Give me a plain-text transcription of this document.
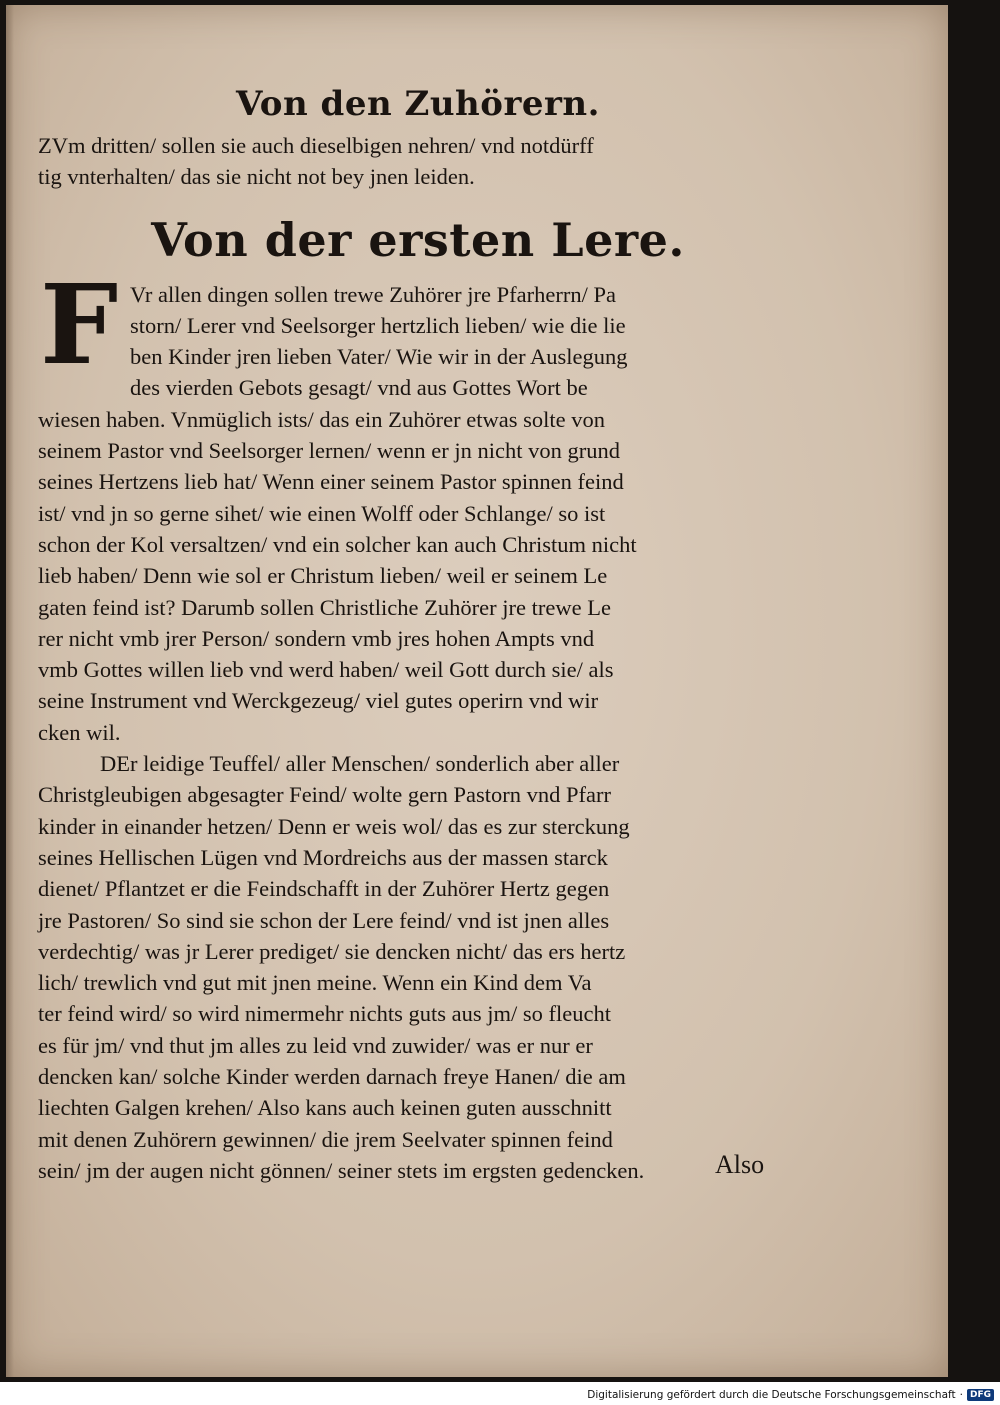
Von den Zuhörern.
ZVm dritten/ sollen sie auch dieselbigen nehren/ vnd notdürff
tig vnterhalten/ das sie nicht not bey jnen leiden.
Von der ersten Lere.
F Vr allen dingen sollen trewe Zuhörer jre Pfarherrn/ Pa
storn/ Lerer vnd Seelsorger hertzlich lieben/ wie die lie
ben Kinder jren lieben Vater/ Wie wir in der Auslegung
des vierden Gebots gesagt/ vnd aus Gottes Wort be
wiesen haben. Vnmüglich ists/ das ein Zuhörer etwas solte von
seinem Pastor vnd Seelsorger lernen/ wenn er jn nicht von grund
seines Hertzens lieb hat/ Wenn einer seinem Pastor spinnen feind
ist/ vnd jn so gerne sihet/ wie einen Wolff oder Schlange/ so ist
schon der Kol versaltzen/ vnd ein solcher kan auch Christum nicht
lieb haben/ Denn wie sol er Christum lieben/ weil er seinem Le
gaten feind ist? Darumb sollen Christliche Zuhörer jre trewe Le
rer nicht vmb jrer Person/ sondern vmb jres hohen Ampts vnd
vmb Gottes willen lieb vnd werd haben/ weil Gott durch sie/ als
seine Instrument vnd Werckgezeug/ viel gutes operirn vnd wir
cken wil.
DEr leidige Teuffel/ aller Menschen/ sonderlich aber aller
Christgleubigen abgesagter Feind/ wolte gern Pastorn vnd Pfarr
kinder in einander hetzen/ Denn er weis wol/ das es zur sterckung
seines Hellischen Lügen vnd Mordreichs aus der massen starck
dienet/ Pflantzet er die Feindschafft in der Zuhörer Hertz gegen
jre Pastoren/ So sind sie schon der Lere feind/ vnd ist jnen alles
verdechtig/ was jr Lerer prediget/ sie dencken nicht/ das ers hertz
lich/ trewlich vnd gut mit jnen meine. Wenn ein Kind dem Va
ter feind wird/ so wird nimermehr nichts guts aus jm/ so fleucht
es für jm/ vnd thut jm alles zu leid vnd zuwider/ was er nur er
dencken kan/ solche Kinder werden darnach freye Hanen/ die am
liechten Galgen krehen/ Also kans auch keinen guten ausschnitt
mit denen Zuhörern gewinnen/ die jrem Seelvater spinnen feind
sein/ jm der augen nicht gönnen/ seiner stets im ergsten gedencken.	Also
Digitalisierung gefördert durch die Deutsche Forschungsgemeinschaft · DFG
